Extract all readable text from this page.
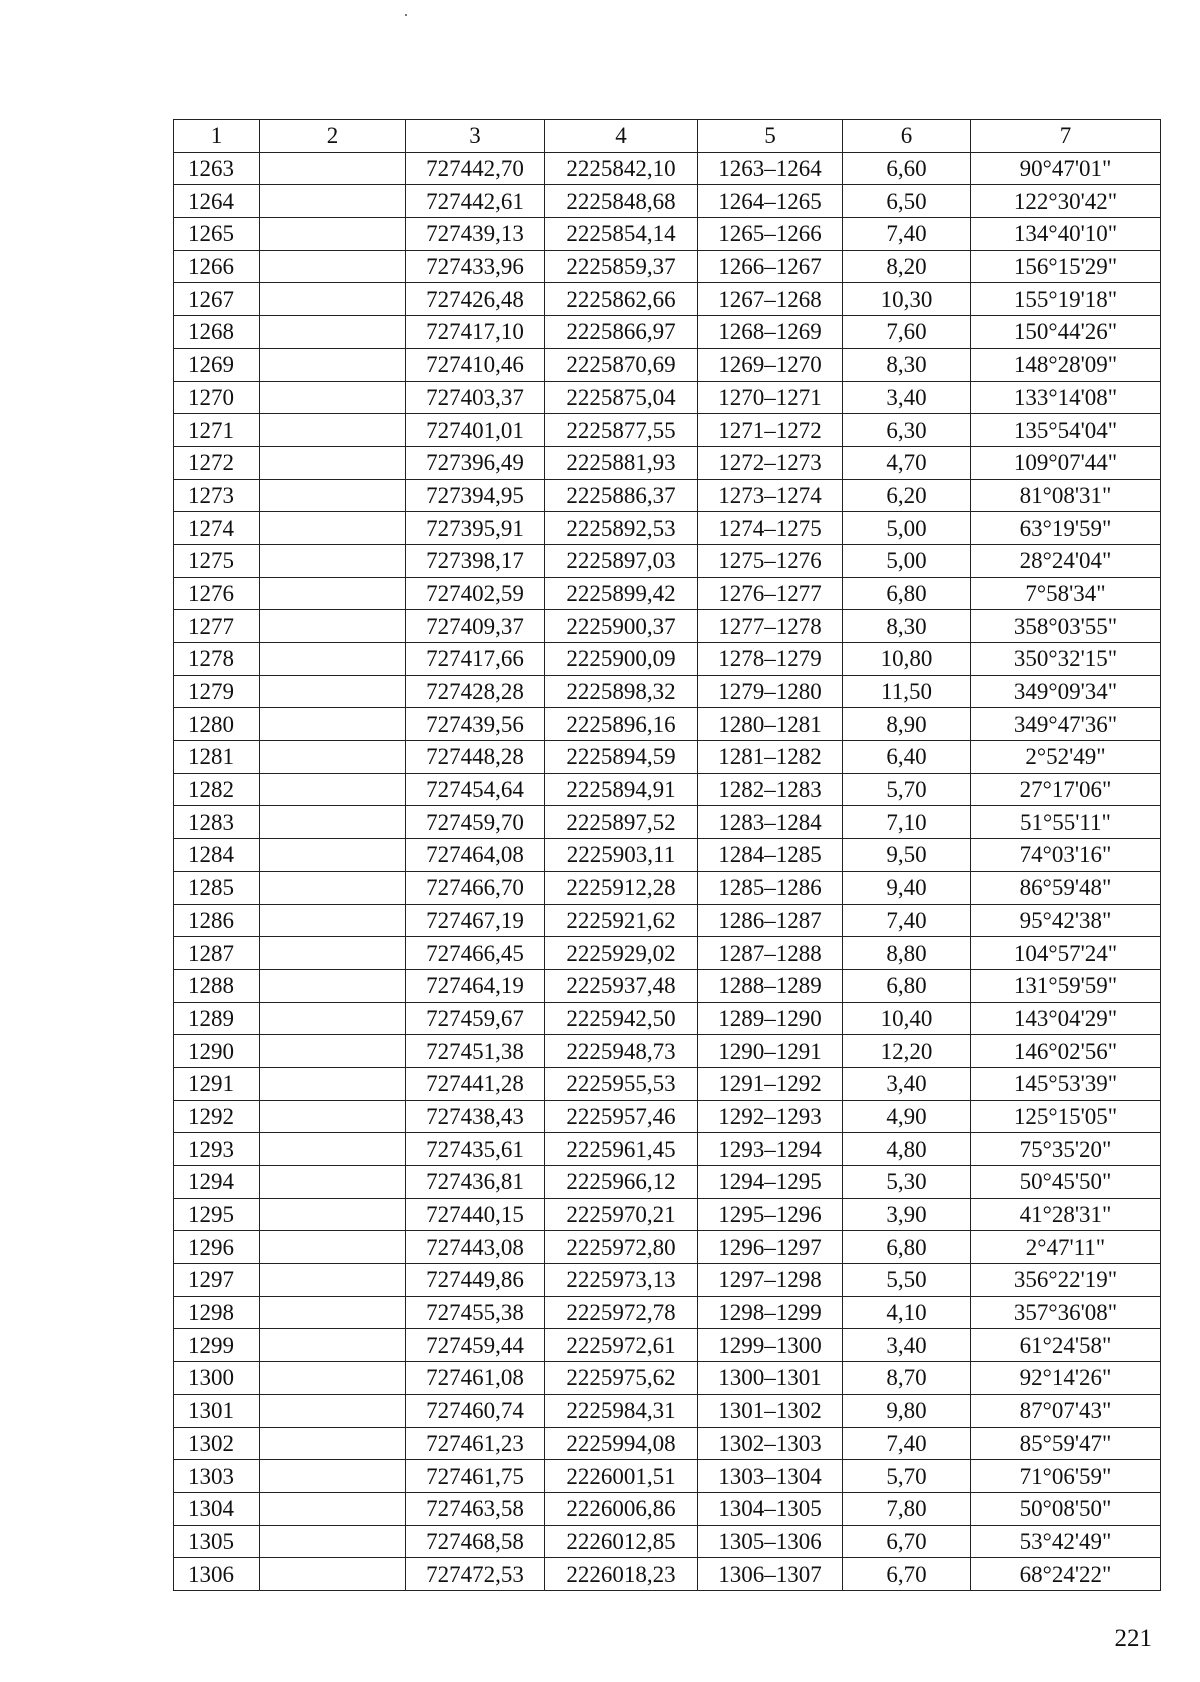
1	2	3	4	5	6	7
1263		727442,70	2225842,10	1263–1264	6,60	90°47'01"
1264		727442,61	2225848,68	1264–1265	6,50	122°30'42"
1265		727439,13	2225854,14	1265–1266	7,40	134°40'10"
1266		727433,96	2225859,37	1266–1267	8,20	156°15'29"
1267		727426,48	2225862,66	1267–1268	10,30	155°19'18"
1268		727417,10	2225866,97	1268–1269	7,60	150°44'26"
1269		727410,46	2225870,69	1269–1270	8,30	148°28'09"
1270		727403,37	2225875,04	1270–1271	3,40	133°14'08"
1271		727401,01	2225877,55	1271–1272	6,30	135°54'04"
1272		727396,49	2225881,93	1272–1273	4,70	109°07'44"
1273		727394,95	2225886,37	1273–1274	6,20	81°08'31"
1274		727395,91	2225892,53	1274–1275	5,00	63°19'59"
1275		727398,17	2225897,03	1275–1276	5,00	28°24'04"
1276		727402,59	2225899,42	1276–1277	6,80	7°58'34"
1277		727409,37	2225900,37	1277–1278	8,30	358°03'55"
1278		727417,66	2225900,09	1278–1279	10,80	350°32'15"
1279		727428,28	2225898,32	1279–1280	11,50	349°09'34"
1280		727439,56	2225896,16	1280–1281	8,90	349°47'36"
1281		727448,28	2225894,59	1281–1282	6,40	2°52'49"
1282		727454,64	2225894,91	1282–1283	5,70	27°17'06"
1283		727459,70	2225897,52	1283–1284	7,10	51°55'11"
1284		727464,08	2225903,11	1284–1285	9,50	74°03'16"
1285		727466,70	2225912,28	1285–1286	9,40	86°59'48"
1286		727467,19	2225921,62	1286–1287	7,40	95°42'38"
1287		727466,45	2225929,02	1287–1288	8,80	104°57'24"
1288		727464,19	2225937,48	1288–1289	6,80	131°59'59"
1289		727459,67	2225942,50	1289–1290	10,40	143°04'29"
1290		727451,38	2225948,73	1290–1291	12,20	146°02'56"
1291		727441,28	2225955,53	1291–1292	3,40	145°53'39"
1292		727438,43	2225957,46	1292–1293	4,90	125°15'05"
1293		727435,61	2225961,45	1293–1294	4,80	75°35'20"
1294		727436,81	2225966,12	1294–1295	5,30	50°45'50"
1295		727440,15	2225970,21	1295–1296	3,90	41°28'31"
1296		727443,08	2225972,80	1296–1297	6,80	2°47'11"
1297		727449,86	2225973,13	1297–1298	5,50	356°22'19"
1298		727455,38	2225972,78	1298–1299	4,10	357°36'08"
1299		727459,44	2225972,61	1299–1300	3,40	61°24'58"
1300		727461,08	2225975,62	1300–1301	8,70	92°14'26"
1301		727460,74	2225984,31	1301–1302	9,80	87°07'43"
1302		727461,23	2225994,08	1302–1303	7,40	85°59'47"
1303		727461,75	2226001,51	1303–1304	5,70	71°06'59"
1304		727463,58	2226006,86	1304–1305	7,80	50°08'50"
1305		727468,58	2226012,85	1305–1306	6,70	53°42'49"
1306		727472,53	2226018,23	1306–1307	6,70	68°24'22"
221
